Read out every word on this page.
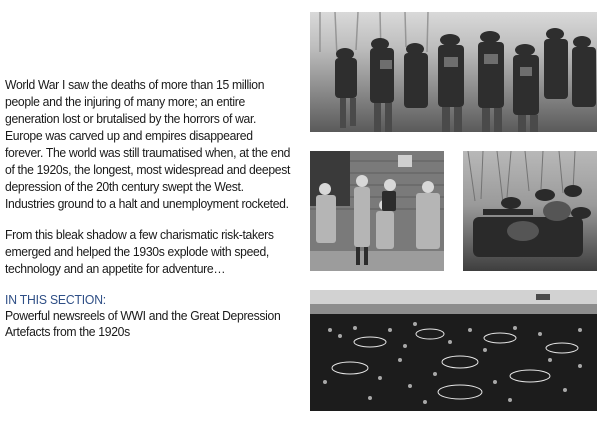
World War I saw the deaths of more than 15 million people and the injuring of many more; an entire generation lost or brutalised by the horrors of war. Europe was carved up and empires disappeared forever. The world was still traumatised when, at the end of the 1920s, the longest, most widespread and deepest depression of the 20th century swept the West. Industries ground to a halt and unemployment rocketed.

From this bleak shadow a few charismatic risk-takers emerged and helped the 1930s explode with speed, technology and an appetite for adventure…

IN THIS SECTION:
Powerful newsreels of WWI and the Great Depression
Artefacts from the 1920s
